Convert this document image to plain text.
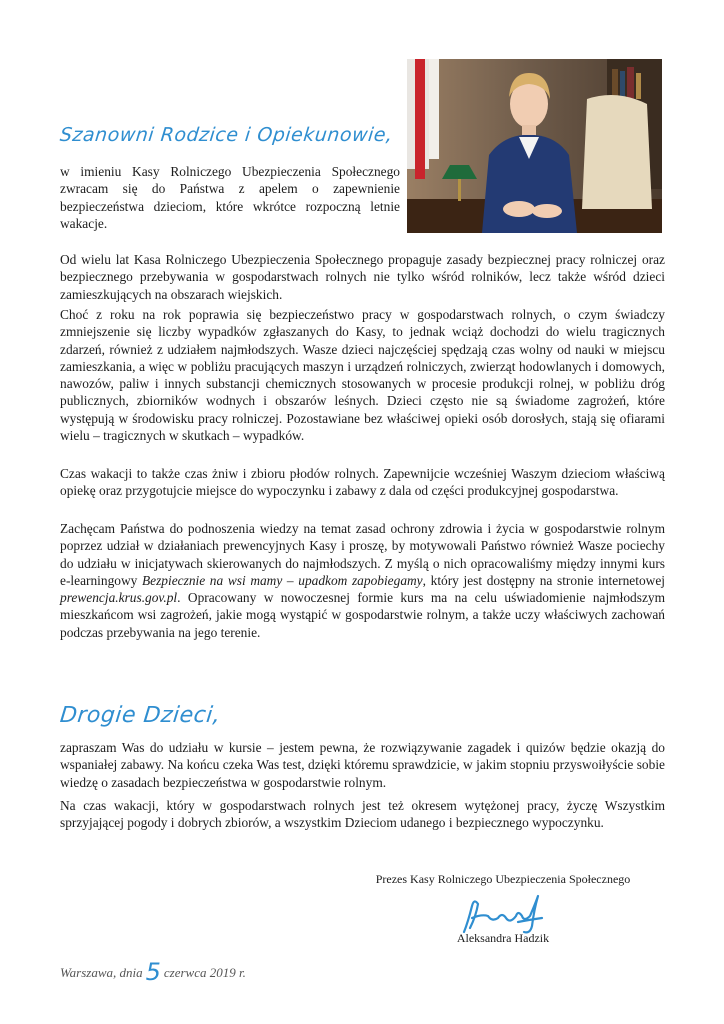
Szanowni Rodzice i Opiekunowie,

w imieniu Kasy Rolniczego Ubezpieczenia Społecznego zwracam się do Państwa z apelem o zapewnienie bezpieczeństwa dzieciom, które wkrótce rozpoczną letnie wakacje.

Od wielu lat Kasa Rolniczego Ubezpieczenia Społecznego propaguje zasady bezpiecznej pracy rolniczej oraz bezpiecznego przebywania w gospodarstwach rolnych nie tylko wśród rolników, lecz także wśród dzieci zamieszkujących na obszarach wiejskich.

Choć z roku na rok poprawia się bezpieczeństwo pracy w gospodarstwach rolnych, o czym świadczy zmniejszenie się liczby wypadków zgłaszanych do Kasy, to jednak wciąż dochodzi do wielu tragicznych zdarzeń, również z udziałem najmłodszych. Wasze dzieci najczęściej spędzają czas wolny od nauki w miejscu zamieszkania, a więc w pobliżu pracujących maszyn i urządzeń rolniczych, zwierząt hodowlanych i domowych, nawozów, paliw i innych substancji chemicznych stosowanych w procesie produkcji rolnej, w pobliżu dróg publicznych, zbiorników wodnych i obszarów leśnych. Dzieci często nie są świadome zagrożeń, które występują w środowisku pracy rolniczej. Pozostawiane bez właściwej opieki osób dorosłych, stają się ofiarami wielu – tragicznych w skutkach – wypadków.

Czas wakacji to także czas żniw i zbioru płodów rolnych. Zapewnijcie wcześniej Waszym dzieciom właściwą opiekę oraz przygotujcie miejsce do wypoczynku i zabawy z dala od części produkcyjnej gospodarstwa.

Zachęcam Państwa do podnoszenia wiedzy na temat zasad ochrony zdrowia i życia w gospodarstwie rolnym poprzez udział w działaniach prewencyjnych Kasy i proszę, by motywowali Państwo również Wasze pociechy do udziału w inicjatywach skierowanych do najmłodszych. Z myślą o nich opracowaliśmy między innymi kurs e-learningowy Bezpiecznie na wsi mamy – upadkom zapobiegamy, który jest dostępny na stronie internetowej prewencja.krus.gov.pl. Opracowany w nowoczesnej formie kurs ma na celu uświadomienie najmłodszym mieszkańcom wsi zagrożeń, jakie mogą wystąpić w gospodarstwie rolnym, a także uczy właściwych zachowań podczas przebywania na jego terenie.

Drogie Dzieci,

zapraszam Was do udziału w kursie – jestem pewna, że rozwiązywanie zagadek i quizów będzie okazją do wspaniałej zabawy. Na końcu czeka Was test, dzięki któremu sprawdzicie, w jakim stopniu przyswoiłyście sobie wiedzę o zasadach bezpieczeństwa w gospodarstwie rolnym.

Na czas wakacji, który w gospodarstwach rolnych jest też okresem wytężonej pracy, życzę Wszystkim sprzyjającej pogody i dobrych zbiorów, a wszystkim Dzieciom udanego i bezpiecznego wypoczynku.

Prezes Kasy Rolniczego Ubezpieczenia Społecznego
Aleksandra Hadzik
Warszawa, dnia 5 czerwca 2019 r.
